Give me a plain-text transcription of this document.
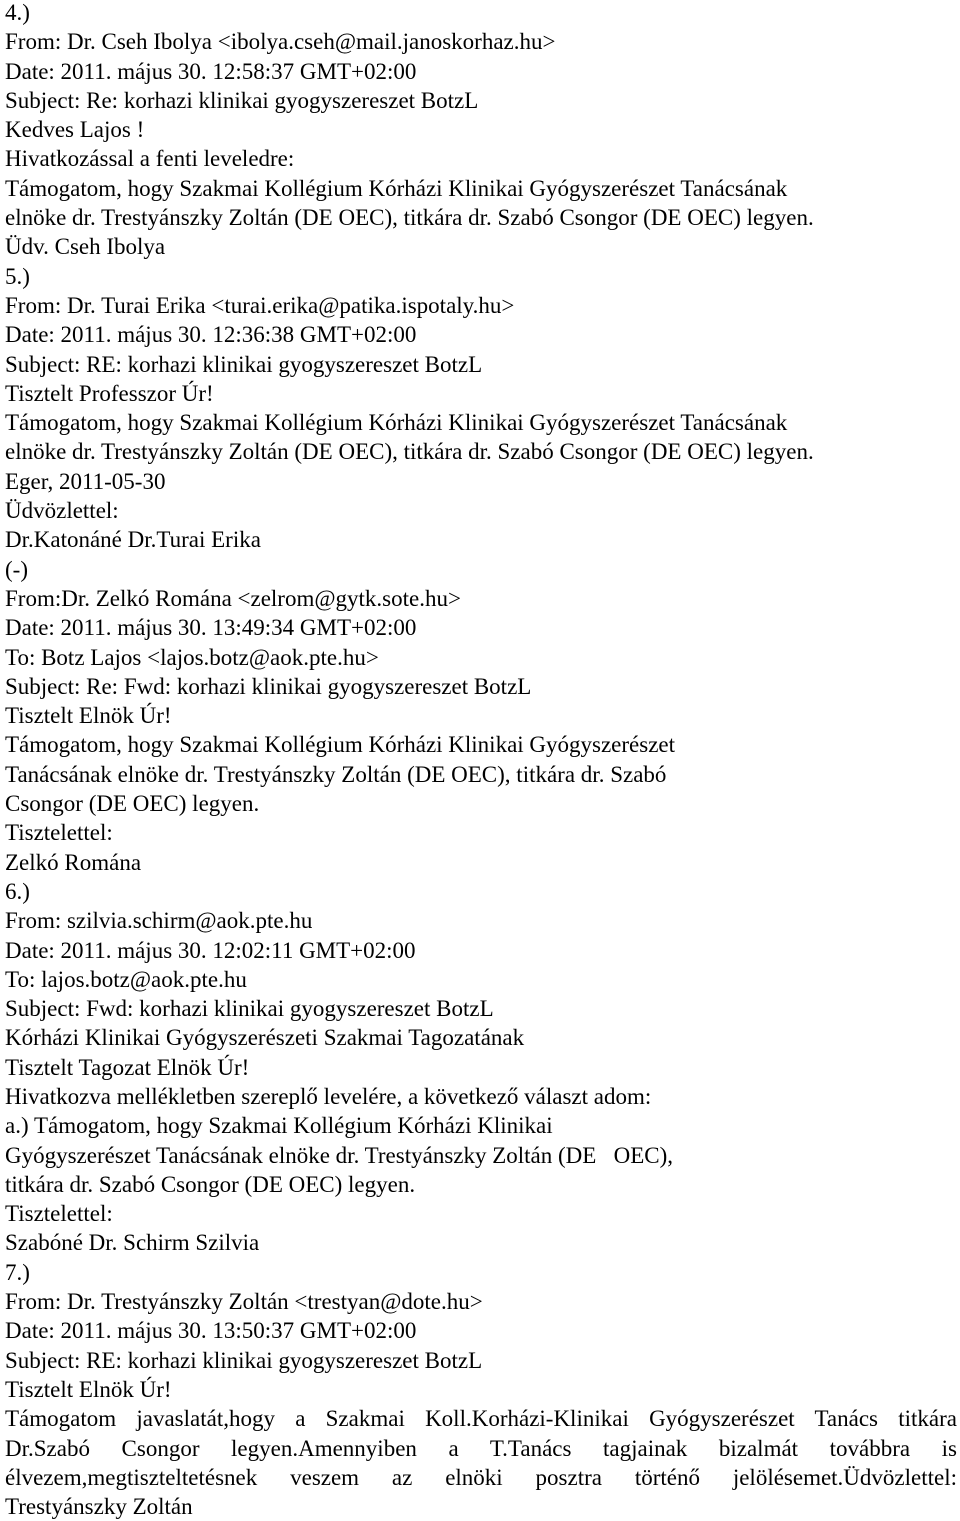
4.)
From: Dr. Cseh Ibolya <ibolya.cseh@mail.janoskorhaz.hu>
Date: 2011. május 30. 12:58:37 GMT+02:00
Subject: Re: korhazi klinikai gyogyszereszet BotzL
Kedves Lajos !
Hivatkozással a fenti leveledre:
Támogatom, hogy Szakmai Kollégium Kórházi Klinikai Gyógyszerészet Tanácsának
elnöke dr. Trestyánszky Zoltán (DE OEC), titkára dr. Szabó Csongor (DE OEC) legyen.
Üdv. Cseh Ibolya
5.)
From: Dr. Turai Erika <turai.erika@patika.ispotaly.hu>
Date: 2011. május 30. 12:36:38 GMT+02:00
Subject: RE: korhazi klinikai gyogyszereszet BotzL
Tisztelt Professzor Úr!
Támogatom, hogy Szakmai Kollégium Kórházi Klinikai Gyógyszerészet Tanácsának
elnöke dr. Trestyánszky Zoltán (DE OEC), titkára dr. Szabó Csongor (DE OEC) legyen.
Eger, 2011-05-30
Üdvözlettel:
Dr.Katonáné Dr.Turai Erika
(-)
From:Dr. Zelkó Romána <zelrom@gytk.sote.hu>
Date: 2011. május 30. 13:49:34 GMT+02:00
To: Botz Lajos <lajos.botz@aok.pte.hu>
Subject: Re: Fwd: korhazi klinikai gyogyszereszet BotzL
Tisztelt Elnök Úr!
Támogatom, hogy Szakmai Kollégium Kórházi Klinikai Gyógyszerészet
Tanácsának elnöke dr. Trestyánszky Zoltán (DE OEC), titkára dr. Szabó
Csongor (DE OEC) legyen.
Tisztelettel:
Zelkó Romána
6.)
From: szilvia.schirm@aok.pte.hu
Date: 2011. május 30. 12:02:11 GMT+02:00
To: lajos.botz@aok.pte.hu
Subject: Fwd: korhazi klinikai gyogyszereszet BotzL
Kórházi Klinikai Gyógyszerészeti Szakmai Tagozatának
Tisztelt Tagozat Elnök Úr!
Hivatkozva mellékletben szereplő levelére, a következő választ adom:
a.) Támogatom, hogy Szakmai Kollégium Kórházi Klinikai
Gyógyszerészet Tanácsának elnöke dr. Trestyánszky Zoltán (DE   OEC),
titkára dr. Szabó Csongor (DE OEC) legyen.
Tisztelettel:
Szabóné Dr. Schirm Szilvia
7.)
From: Dr. Trestyánszky Zoltán <trestyan@dote.hu>
Date: 2011. május 30. 13:50:37 GMT+02:00
Subject: RE: korhazi klinikai gyogyszereszet BotzL
Tisztelt Elnök Úr!
Támogatom javaslatát,hogy a Szakmai Koll.Korházi-Klinikai Gyógyszerészet Tanács titkára
Dr.Szabó Csongor legyen.Amennyiben a T.Tanács tagjainak bizalmát továbbra is
élvezem,megtiszteltetésnek veszem az elnöki posztra történő jelölésemet.Üdvözlettel:
Trestyánszky Zoltán
